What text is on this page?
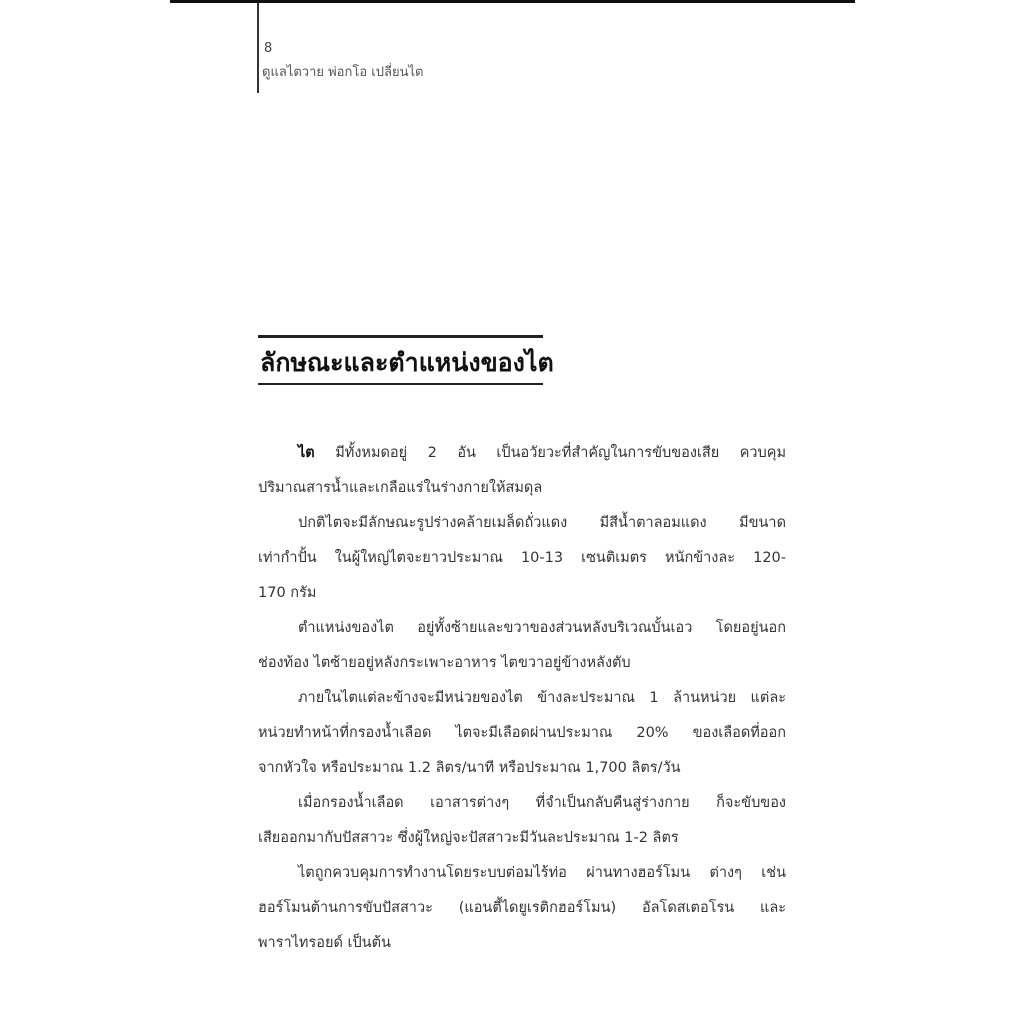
8
ดูแลไตวาย พ่อกโอ เปลี่ยนไต
ลักษณะและตำแหน่งของไต
ไต มีทั้งหมดอยู่ 2 อัน เป็นอวัยวะที่สำคัญในการขับของเสีย ควบคุม
ปริมาณสารน้ำและเกลือแร่ในร่างกายให้สมดุล
ปกติไตจะมีลักษณะรูปร่างคล้ายเมล็ดถั่วแดง มีสีน้ำตาลอมแดง มีขนาด
เท่ากำปั้น ในผู้ใหญ่ไตจะยาวประมาณ 10-13 เซนติเมตร หนักข้างละ 120-
170 กรัม
ตำแหน่งของไต อยู่ทั้งซ้ายและขวาของส่วนหลังบริเวณบั้นเอว โดยอยู่นอก
ช่องท้อง ไตซ้ายอยู่หลังกระเพาะอาหาร ไตขวาอยู่ข้างหลังตับ
ภายในไตแต่ละข้างจะมีหน่วยของไต ข้างละประมาณ 1 ล้านหน่วย แต่ละ
หน่วยทำหน้าที่กรองน้ำเลือด ไตจะมีเลือดผ่านประมาณ 20% ของเลือดที่ออก
จากหัวใจ หรือประมาณ 1.2 ลิตร/นาที หรือประมาณ 1,700 ลิตร/วัน
เมื่อกรองน้ำเลือด เอาสารต่างๆ ที่จำเป็นกลับคืนสู่ร่างกาย ก็จะขับของ
เสียออกมากับปัสสาวะ ซึ่งผู้ใหญ่จะปัสสาวะมีวันละประมาณ 1-2 ลิตร
ไตถูกควบคุมการทำงานโดยระบบต่อมไร้ท่อ ผ่านทางฮอร์โมน ต่างๆ เช่น
ฮอร์โมนต้านการขับปัสสาวะ (แอนตี้ไดยูเรติกฮอร์โมน) อัลโดสเตอโรน และ
พาราไทรอยด์ เป็นต้น
